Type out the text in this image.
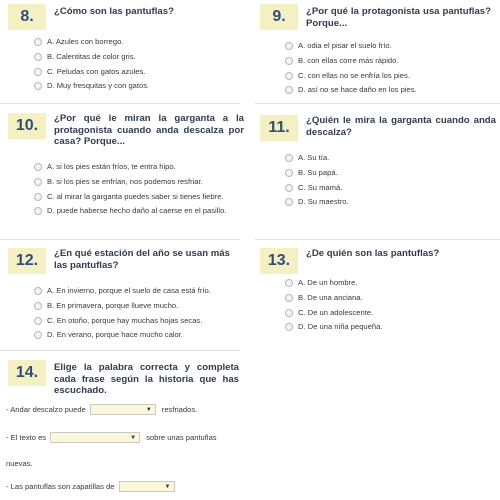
8.	¿Cómo son las pantuflas?
A. Azules con borrego.
B. Calentitas de color gris.
C. Peludas con gatos azules.
D. Muy fresquitas y con gatos.
9.	¿Por qué la protagonista usa pantuflas? Porque...
A. odia el pisar el suelo frío.
B. con ellas corre más rápido.
C. con ellas no se enfría los pies.
D. así no se hace daño en los pies.
10.	¿Por qué le miran la garganta a la protagonista cuando anda descalza por casa? Porque...
A. si los pies están fríos, te entra hipo.
B. si los pies se enfrían, nos podemos resfriar.
C. al mirar la garganta puedes saber si tienes fiebre.
D. puede haberse hecho daño al caerse en el pasillo.
11.	¿Quién le mira la garganta cuando anda descalza?
A. Su tía.
B. Su papá.
C. Su mamá.
D. Su maestro.
12.	¿En qué estación del año se usan más las pantuflas?
A. En invierno, porque el suelo de casa está frío.
B. En primavera, porque llueve mucho.
C. En otoño, porque hay muchas hojas secas.
D. En verano, porque hace mucho calor.
13.	¿De quién son las pantuflas?
A. De un hombre.
B. De una anciana.
C. De un adolescente.
D. De una niña pequeña.
14.	Elige la palabra correcta y completa cada frase según la historia que has escuchado.
- Andar descalzo puede	▼ resfriados.
- El texto es	▼ sobre unas pantuflas
nuevas.
- Las pantuflas son zapatillas de	▼
